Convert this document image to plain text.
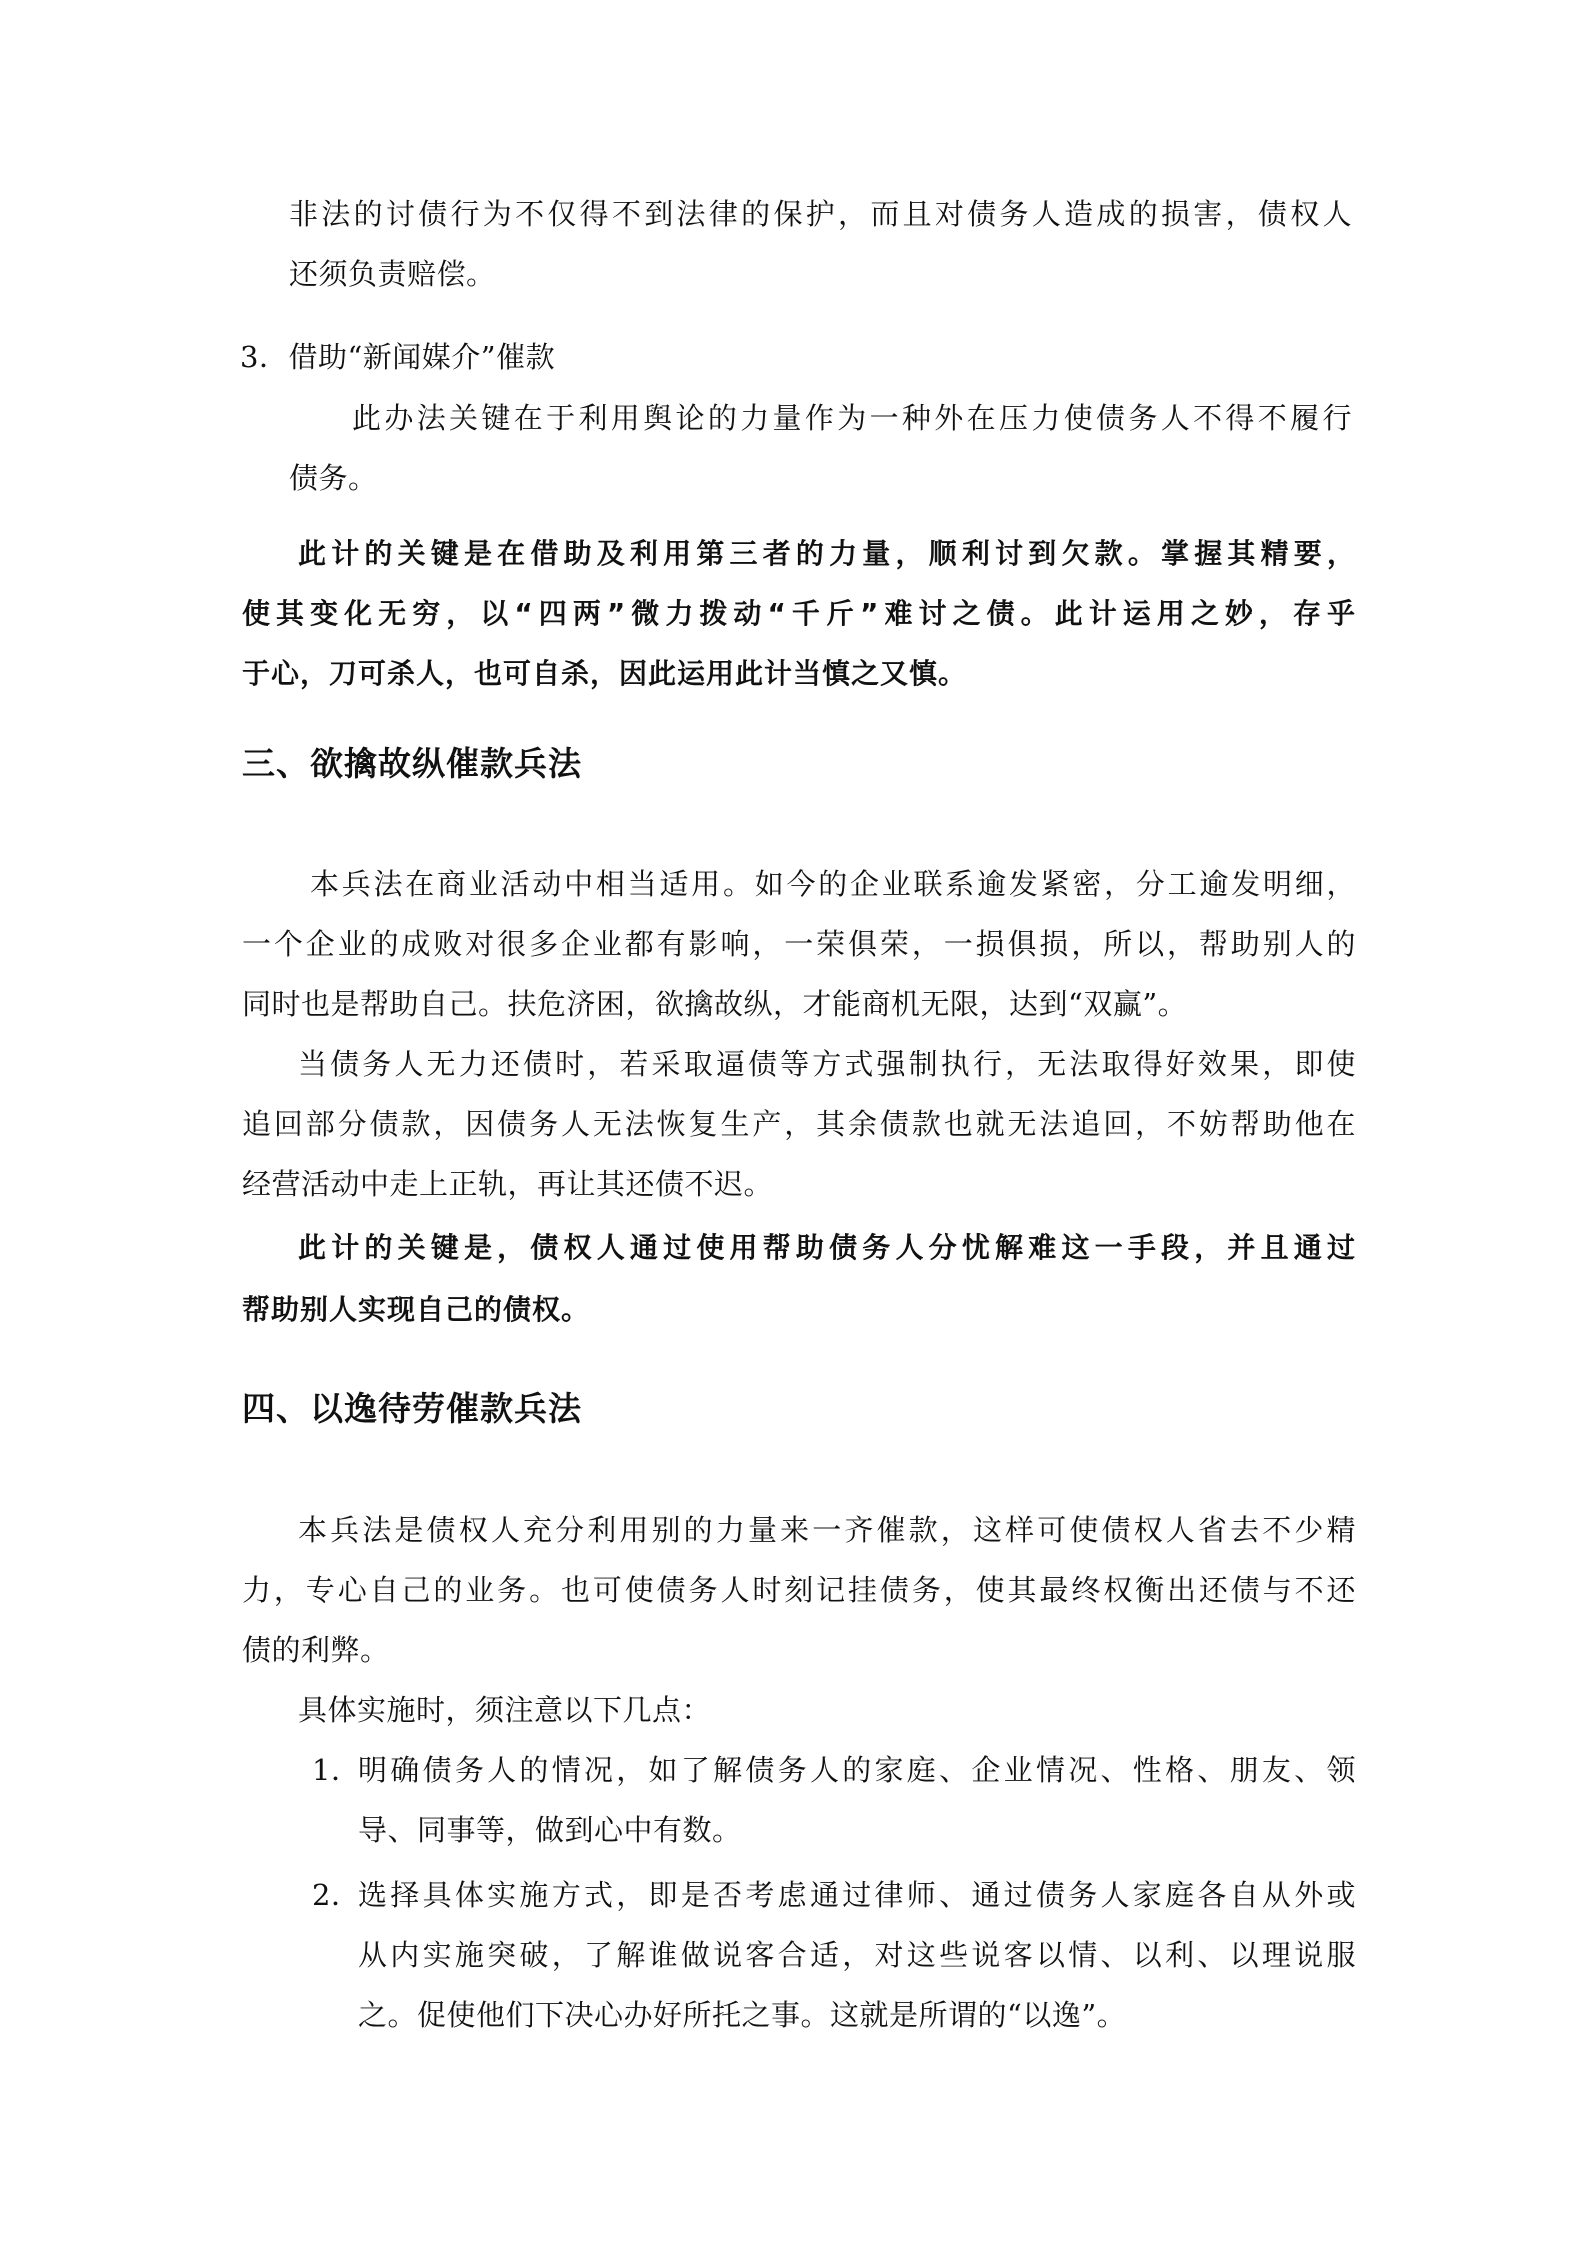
非法的讨债行为不仅得不到法律的保护，而且对债务人造成的损害，债权人
还须负责赔偿。
3．借助“新闻媒介”催款
此办法关键在于利用舆论的力量作为一种外在压力使债务人不得不履行
债务。
此计的关键是在借助及利用第三者的力量，顺利讨到欠款。掌握其精要，
使其变化无穷，以“四两”微力拨动“千斤”难讨之债。此计运用之妙，存乎
于心，刀可杀人，也可自杀，因此运用此计当慎之又慎。
三、欲擒故纵催款兵法
本兵法在商业活动中相当适用。如今的企业联系逾发紧密，分工逾发明细，
一个企业的成败对很多企业都有影响，一荣俱荣，一损俱损，所以，帮助别人的
同时也是帮助自己。扶危济困，欲擒故纵，才能商机无限，达到“双赢”。
当债务人无力还债时，若采取逼债等方式强制执行，无法取得好效果，即使
追回部分债款，因债务人无法恢复生产，其余债款也就无法追回，不妨帮助他在
经营活动中走上正轨，再让其还债不迟。
此计的关键是，债权人通过使用帮助债务人分忧解难这一手段，并且通过
帮助别人实现自己的债权。
四、以逸待劳催款兵法
本兵法是债权人充分利用别的力量来一齐催款，这样可使债权人省去不少精
力，专心自己的业务。也可使债务人时刻记挂债务，使其最终权衡出还债与不还
债的利弊。
具体实施时，须注意以下几点：
1．
明确债务人的情况，如了解债务人的家庭、企业情况、性格、朋友、领
导、同事等，做到心中有数。
2．
选择具体实施方式，即是否考虑通过律师、通过债务人家庭各自从外或
从内实施突破，了解谁做说客合适，对这些说客以情、以利、以理说服
之。促使他们下决心办好所托之事。这就是所谓的“以逸”。
